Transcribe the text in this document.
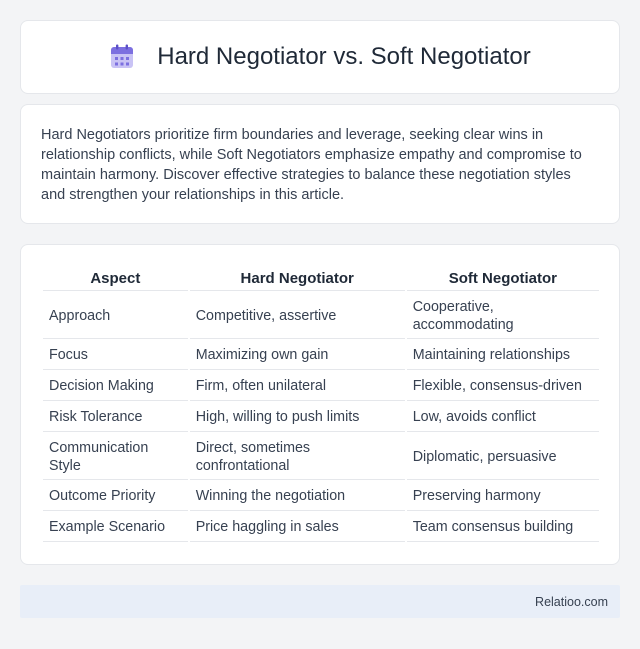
Hard Negotiator vs. Soft Negotiator

Hard Negotiators prioritize firm boundaries and leverage, seeking clear wins in relationship conflicts, while Soft Negotiators emphasize empathy and compromise to maintain harmony. Discover effective strategies to balance these negotiation styles and strengthen your relationships in this article.

Aspect	Hard Negotiator	Soft Negotiator
Approach	Competitive, assertive	Cooperative, accommodating
Focus	Maximizing own gain	Maintaining relationships
Decision Making	Firm, often unilateral	Flexible, consensus-driven
Risk Tolerance	High, willing to push limits	Low, avoids conflict
Communication Style	Direct, sometimes confrontational	Diplomatic, persuasive
Outcome Priority	Winning the negotiation	Preserving harmony
Example Scenario	Price haggling in sales	Team consensus building
Relatioo.com
